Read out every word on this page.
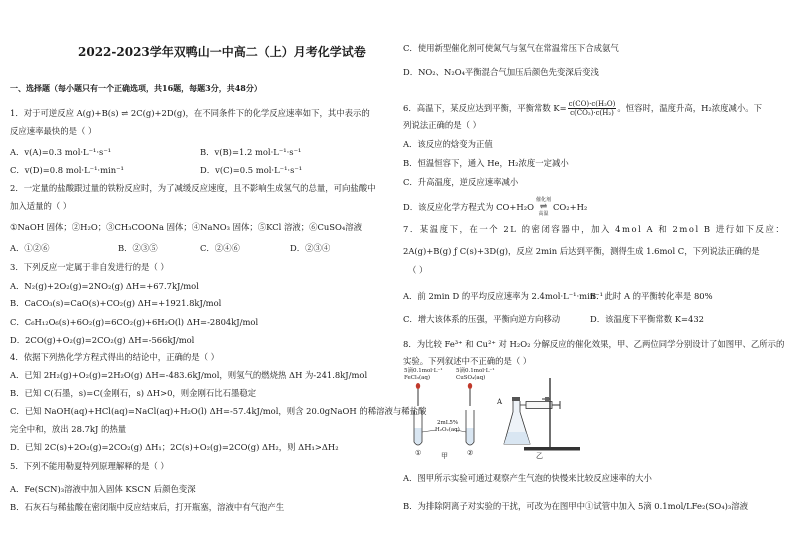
2022-2023学年双鸭山一中高二（上）月考化学试卷
一、选择题（每小题只有一个正确选项，共16题，每题3分，共48分）
1．对于可逆反应 A(g)+B(s) ⇌ 2C(g)+2D(g)，在不同条件下的化学反应速率如下，其中表示的
反应速率最快的是（ ）
A．v(A)=0.3 mol·L⁻¹·s⁻¹	B．v(B)=1.2 mol·L⁻¹·s⁻¹
C．v(D)=0.8 mol·L⁻¹·min⁻¹	D．v(C)=0.5 mol·L⁻¹·s⁻¹
2．一定量的盐酸跟过量的铁粉反应时，为了减缓反应速度，且不影响生成氢气的总量，可向盐酸中
加入适量的（ ）
①NaOH 固体；②H₂O；③CH₃COONa 固体；④NaNO₃ 固体；⑤KCl 溶液；⑥CuSO₄溶液
A．①②⑥	B．②③⑤	C．②④⑥	D．②③④
3．下列反应一定属于非自发进行的是（ ）
A．N₂(g)+2O₂(g)=2NO₂(g) ΔH=+67.7kJ/mol
B．CaCO₃(s)=CaO(s)+CO₂(g) ΔH=+1921.8kJ/mol
C．C₆H₁₂O₆(s)+6O₂(g)=6CO₂(g)+6H₂O(l) ΔH=-2804kJ/mol
D．2CO(g)+O₂(g)=2CO₂(g) ΔH=-566kJ/mol
4．依据下列热化学方程式得出的结论中，正确的是（ ）
A．已知 2H₂(g)+O₂(g)=2H₂O(g) ΔH=-483.6kJ/mol，则氢气的燃烧热 ΔH 为-241.8kJ/mol
B．已知 C(石墨，s)=C(金刚石，s) ΔH>0，则金刚石比石墨稳定
C．已知 NaOH(aq)+HCl(aq)=NaCl(aq)+H₂O(l) ΔH=-57.4kJ/mol，则含 20.0gNaOH 的稀溶液与稀盐酸
完全中和，放出 28.7kJ 的热量
D．已知 2C(s)+2O₂(g)=2CO₂(g) ΔH₁；2C(s)+O₂(g)=2CO(g) ΔH₂，则 ΔH₁>ΔH₂
5．下列不能用勒夏特列原理解释的是（ ）
A．Fe(SCN)₃溶液中加入固体 KSCN 后颜色变深
B．石灰石与稀盐酸在密闭瓶中反应结束后，打开瓶塞，溶液中有气泡产生
C．使用新型催化剂可使氮气与氢气在常温常压下合成氨气
D．NO₂、N₂O₄平衡混合气加压后颜色先变深后变浅
6．高温下，某反应达到平衡，平衡常数 $K= \frac{\text{c(CO)·c(H₂O)}}{\text{c(CO₂)·c(H₂)}}$ 。恒容时，温度升高，H₂浓度减小。下
列说法正确的是（ ）
A．该反应的焓变为正值
B．恒温恒容下，通入 He，H₂浓度一定减小
C．升高温度，逆反应速率减小
D．该反应化学方程式为 CO+H₂O
催化剂
⇌
高温
CO₂+H₂
7．某温度下，在一个 2L 的密闭容器中，加入 4mol A 和 2mol B 进行如下反应：
2A(g)+B(g) ƒ C(s)+3D(g)，反应 2min 后达到平衡，测得生成 1.6mol C，下列说法正确的是
（ ）
A．前 2min D 的平均反应速率为 2.4mol·L⁻¹·min⁻¹
B．此时 A 的平衡转化率是 80%
C．增大该体系的压强，平衡向逆方向移动	D．该温度下平衡常数 K=432
8．为比较 Fe³⁺ 和 Cu²⁺ 对 H₂O₂ 分解反应的催化效果，甲、乙两位同学分别设计了如图甲、乙所示的
实验。下列叙述中不正确的是（ ）
5滴0.1mol·L⁻¹
FeCl₃(aq)
5滴0.1mol·L⁻¹
CuSO₄(aq)
2mL5%
H₂O₂(aq)
①	②
甲
A
乙
A．图甲所示实验可通过观察产生气泡的快慢来比较反应速率的大小
B．为排除阴离子对实验的干扰，可改为在图甲中①试管中加入 5滴 0.1mol/LFe₂(SO₄)₃溶液
